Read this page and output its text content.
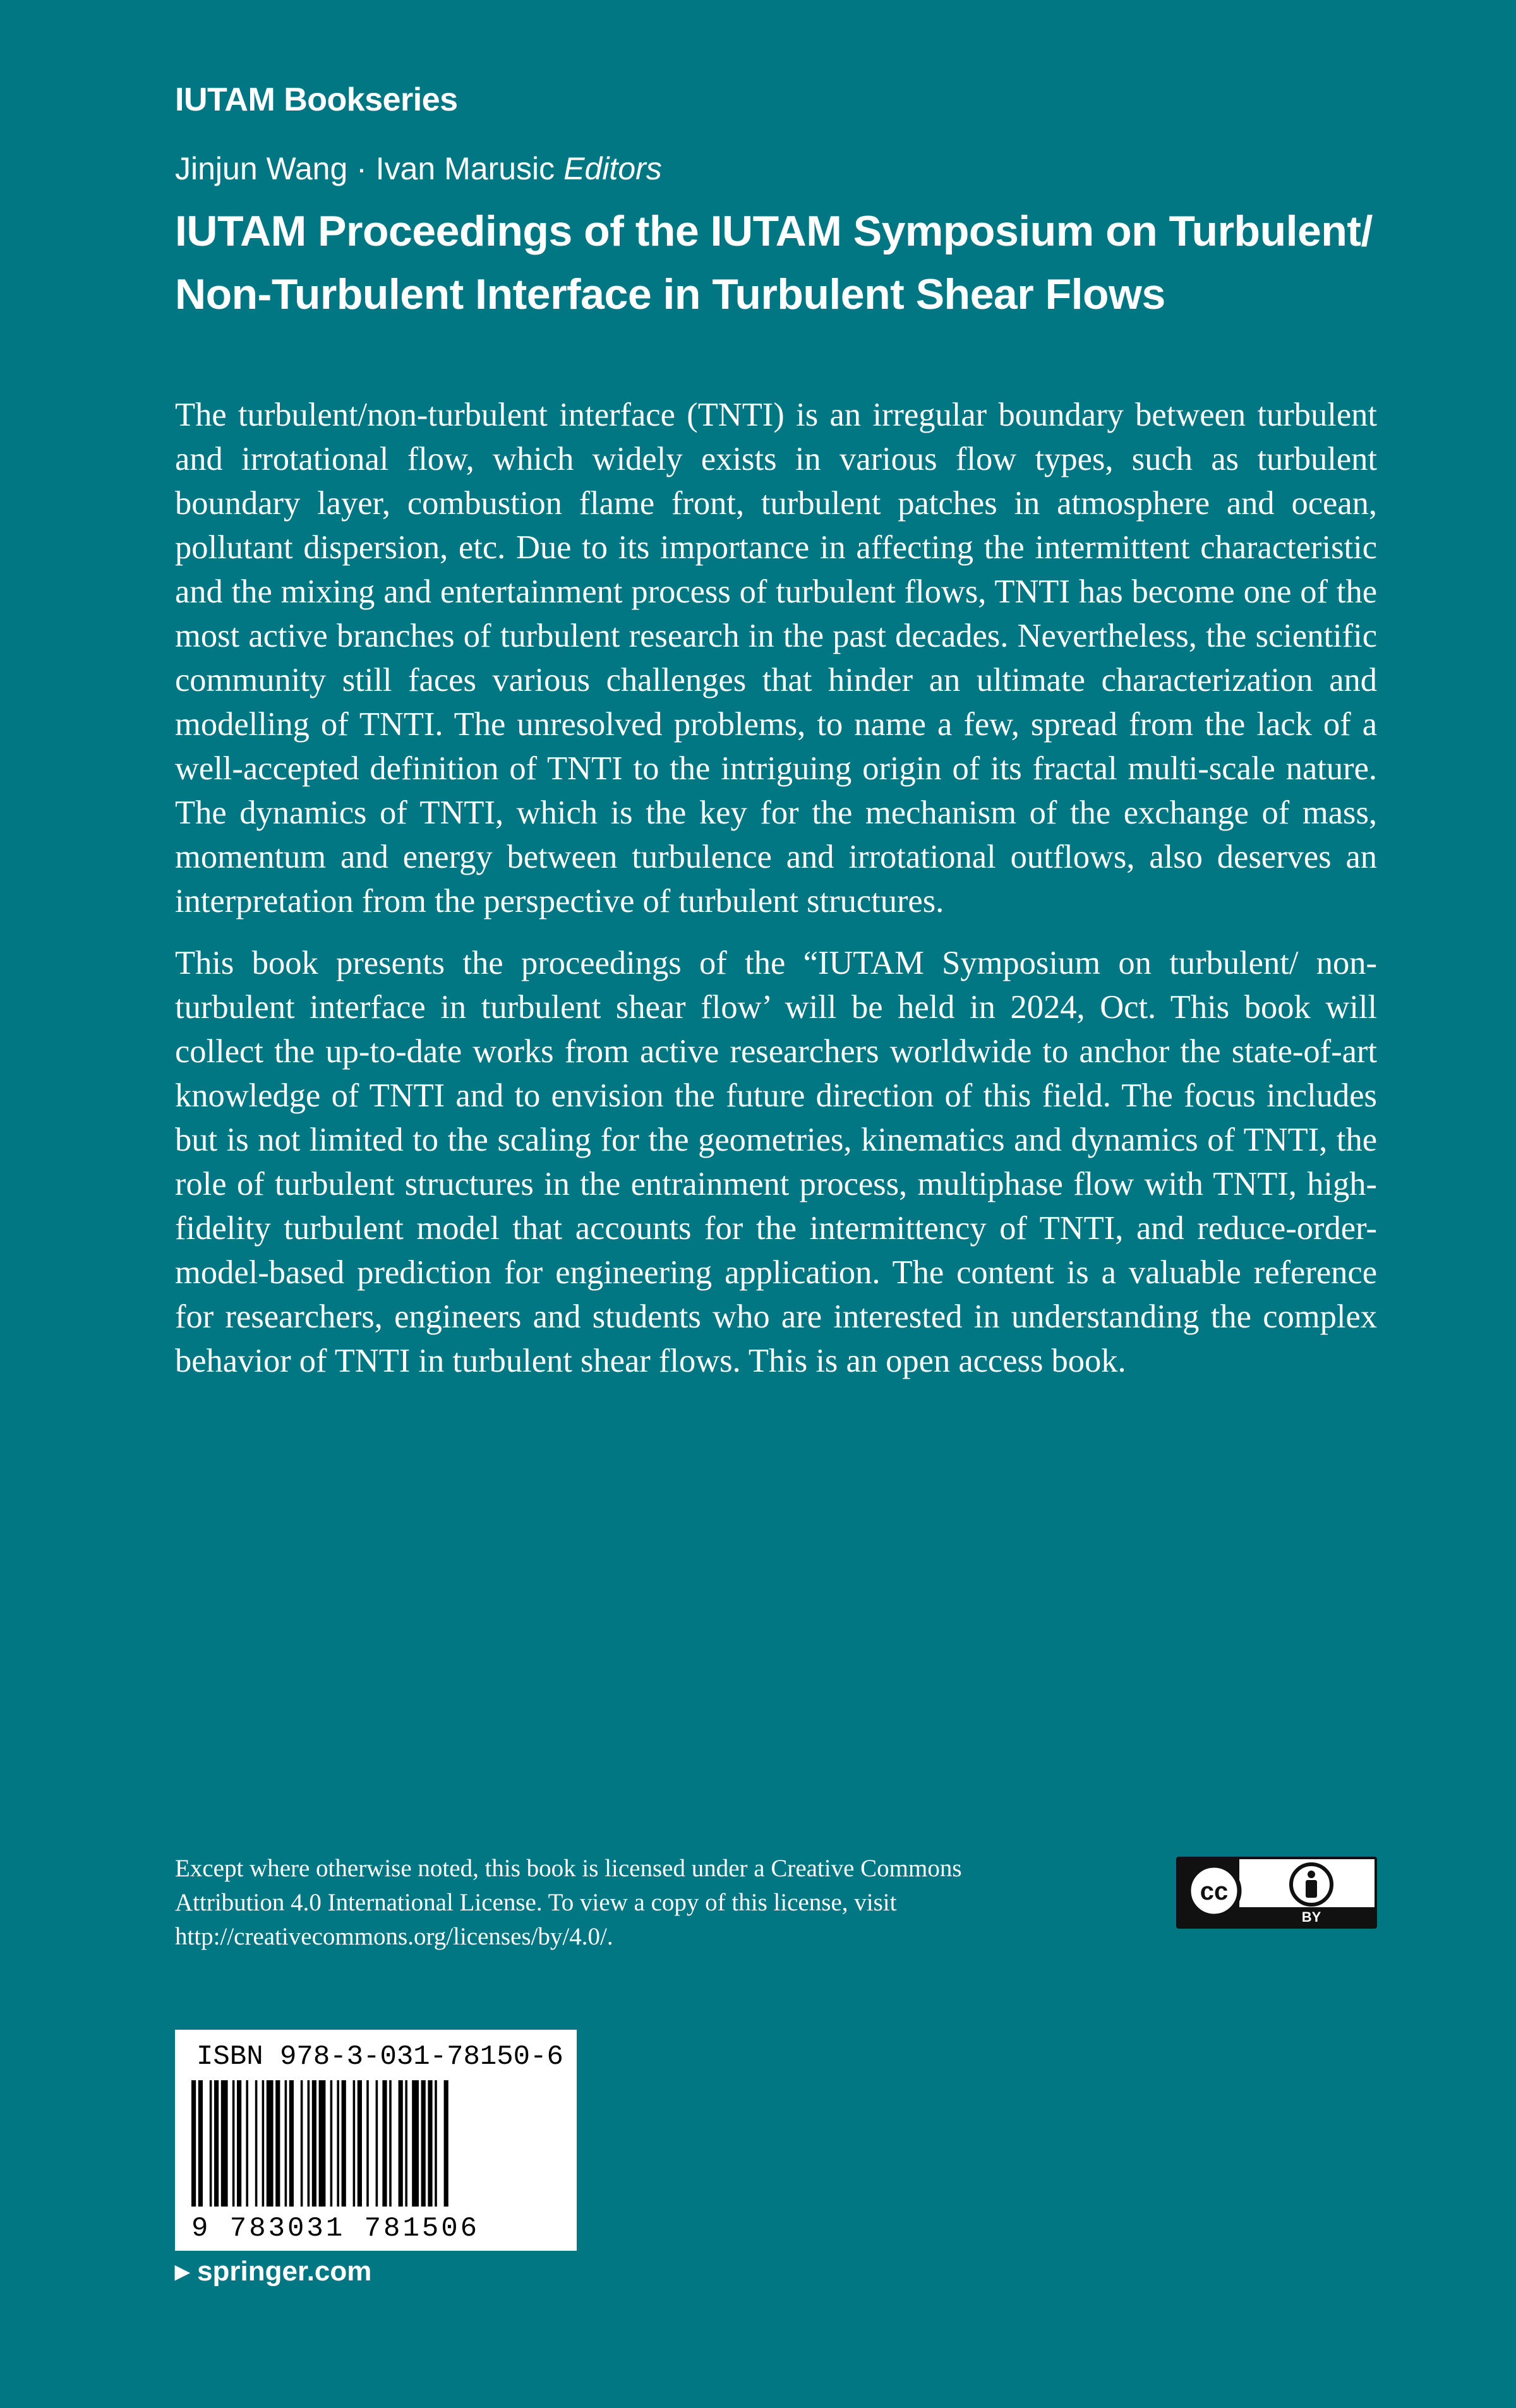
IUTAM Bookseries
Jinjun Wang · Ivan Marusic Editors
IUTAM Proceedings of the IUTAM Symposium on Turbulent/
Non-Turbulent Interface in Turbulent Shear Flows

The turbulent/non-turbulent interface (TNTI) is an irregular boundary between turbulent and irrotational flow, which widely exists in various flow types, such as turbulent boundary layer, combustion flame front, turbulent patches in atmosphere and ocean, pollutant dispersion, etc. Due to its importance in affecting the intermittent characteristic and the mixing and entertainment process of turbulent flows, TNTI has become one of the most active branches of turbulent research in the past decades. Nevertheless, the scientific community still faces various challenges that hinder an ultimate characterization and modelling of TNTI. The unresolved problems, to name a few, spread from the lack of a well-accepted definition of TNTI to the intriguing origin of its fractal multi-scale nature. The dynamics of TNTI, which is the key for the mechanism of the exchange of mass, momentum and energy between turbulence and irrotational outflows, also deserves an interpretation from the perspective of turbulent structures.

This book presents the proceedings of the “IUTAM Symposium on turbulent/ non-turbulent interface in turbulent shear flow’ will be held in 2024, Oct. This book will collect the up-to-date works from active researchers worldwide to anchor the state-of-art knowledge of TNTI and to envision the future direction of this field. The focus includes but is not limited to the scaling for the geometries, kinematics and dynamics of TNTI, the role of turbulent structures in the entrainment process, multiphase flow with TNTI, high-fidelity turbulent model that accounts for the intermittency of TNTI, and reduce-order-model-based prediction for engineering application. The content is a valuable reference for researchers, engineers and students who are interested in understanding the complex behavior of TNTI in turbulent shear flows. This is an open access book.

Except where otherwise noted, this book is licensed under a Creative Commons Attribution 4.0 International License. To view a copy of this license, visit http://creativecommons.org/licenses/by/4.0/.
cc
BY
ISBN 978-3-031-78150-6
9 783031 781506
▶ springer.com
